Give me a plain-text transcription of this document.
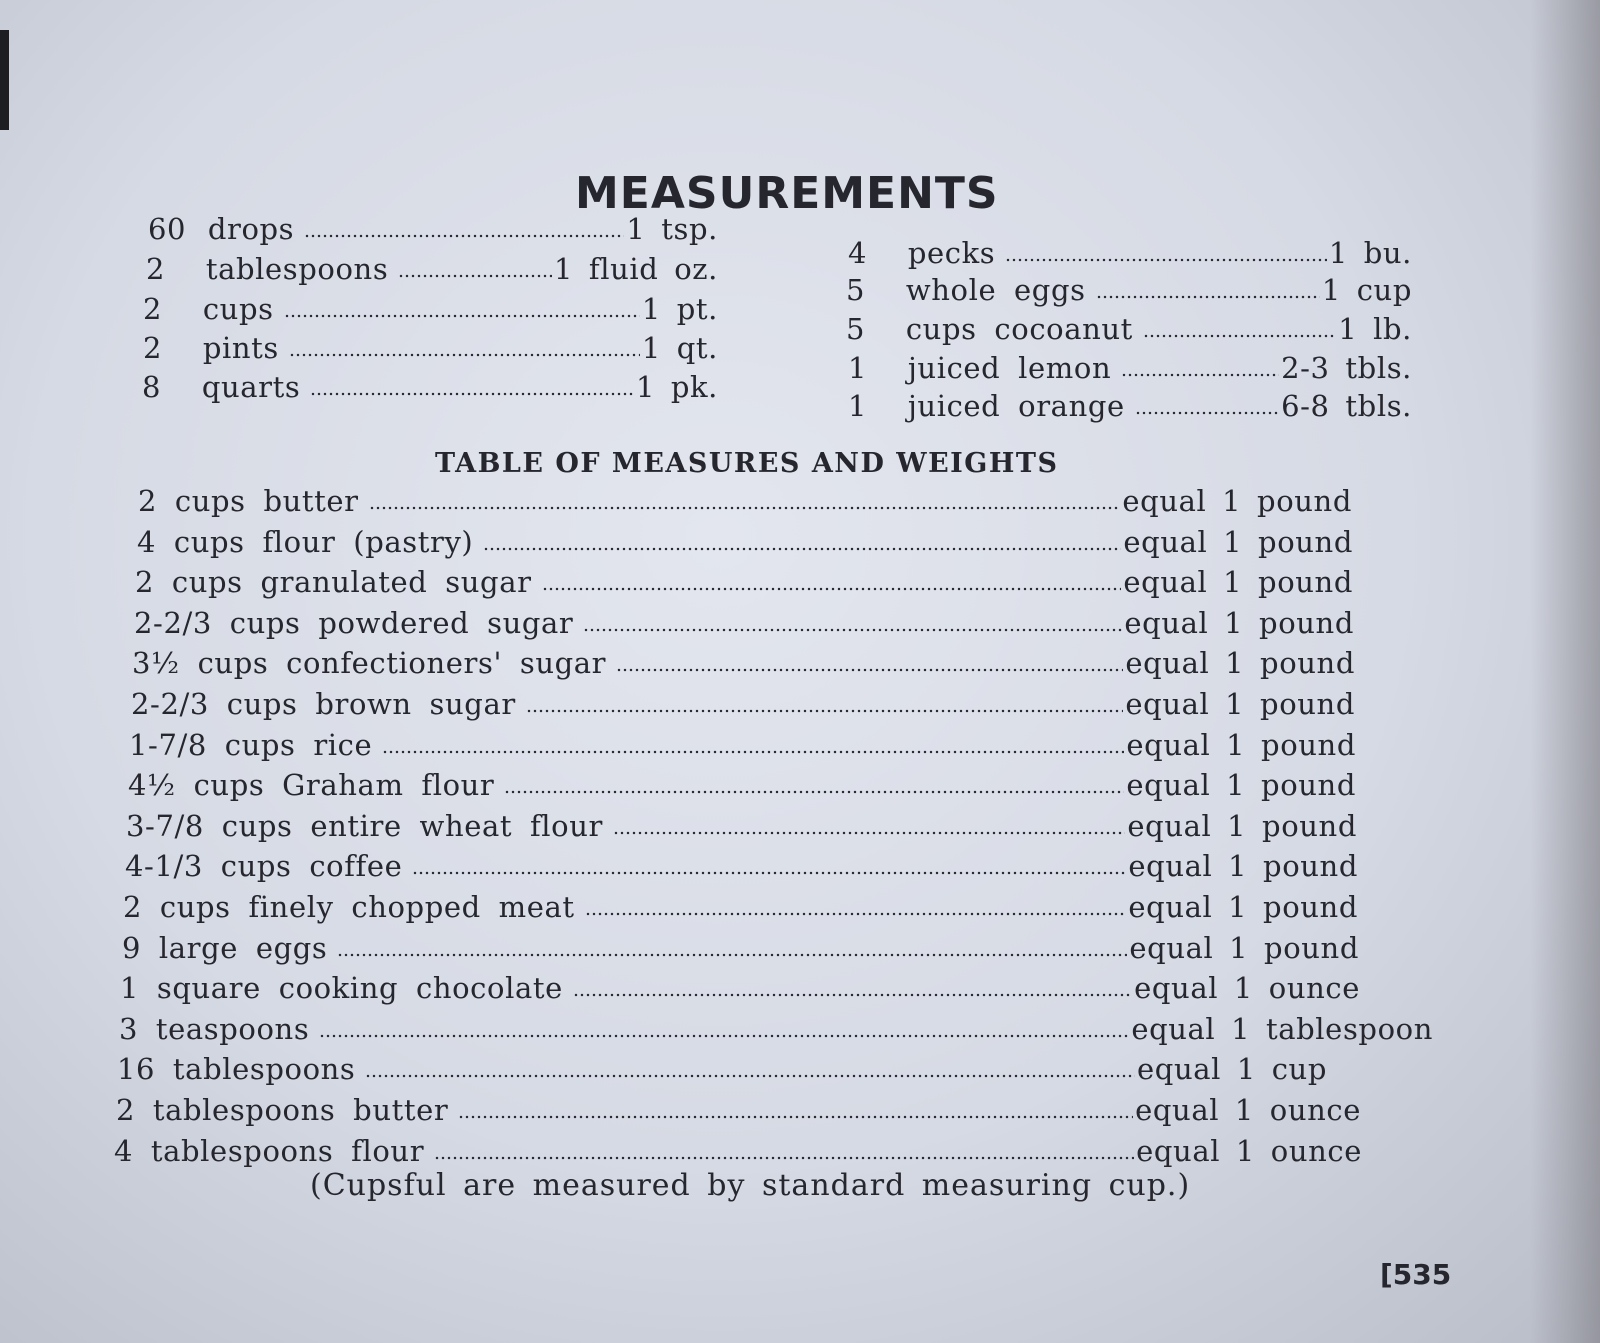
MEASUREMENTS
60 drops	1 tsp.
2 tablespoons	1 fluid oz.
2 cups	1 pt.
2 pints	1 qt.
8 quarts	1 pk.
4 pecks	1 bu.
5 whole eggs	1 cup
5 cups cocoanut	1 lb.
1 juiced lemon	2-3 tbls.
1 juiced orange	6-8 tbls.
TABLE OF MEASURES AND WEIGHTS
2 cups butter	equal 1 pound
4 cups flour (pastry)	equal 1 pound
2 cups granulated sugar	equal 1 pound
2-2/3 cups powdered sugar	equal 1 pound
3½ cups confectioners' sugar	equal 1 pound
2-2/3 cups brown sugar	equal 1 pound
1-7/8 cups rice	equal 1 pound
4½ cups Graham flour	equal 1 pound
3-7/8 cups entire wheat flour	equal 1 pound
4-1/3 cups coffee	equal 1 pound
2 cups finely chopped meat	equal 1 pound
9 large eggs	equal 1 pound
1 square cooking chocolate	equal 1 ounce
3 teaspoons	equal 1 tablespoon
16 tablespoons	equal 1 cup
2 tablespoons butter	equal 1 ounce
4 tablespoons flour	equal 1 ounce
(Cupsful are measured by standard measuring cup.)
[535
